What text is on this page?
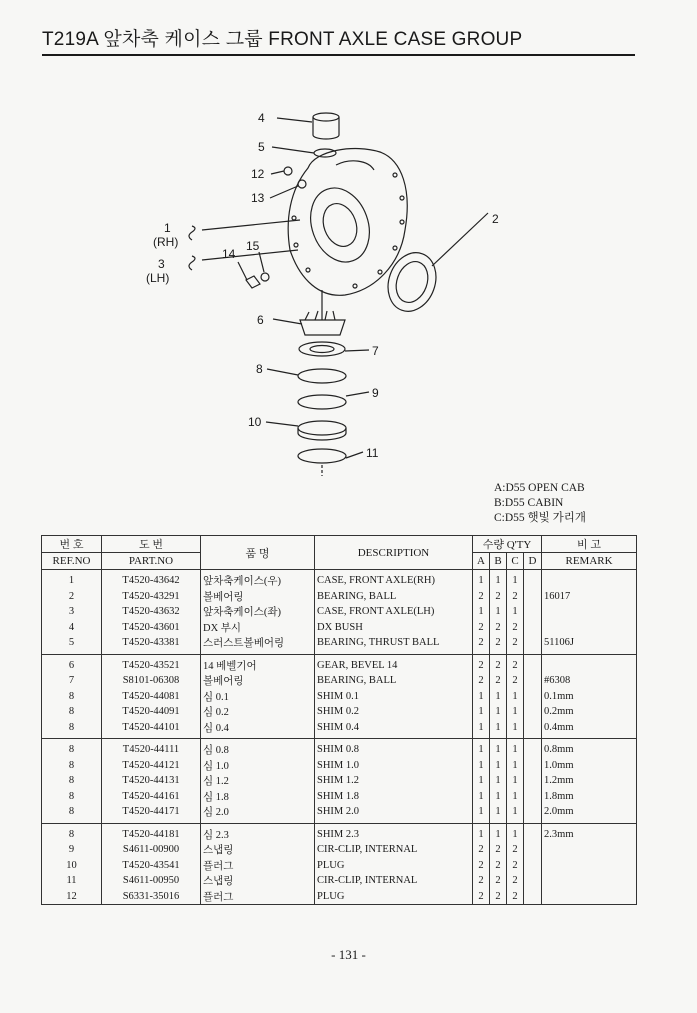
T219A 앞차축 케이스 그룹 FRONT AXLE CASE GROUP
4
5
12
13
1
(RH)
3
(LH)
14
15
2
6
7
8
9
10
11
A:D55 OPEN CAB
B:D55 CABIN
C:D55 햇빛 가리개
번 호	도 번	품 명	DESCRIPTION	수량 Q'TY				비 고
REF.NO	PART.NO			A	B	C	D	REMARK
1	T4520-43642	앞차축케이스(우)	CASE, FRONT AXLE(RH)	1	1	1		
2	T4520-43291	볼베어링	BEARING, BALL	2	2	2		16017
3	T4520-43632	앞차축케이스(좌)	CASE, FRONT AXLE(LH)	1	1	1		
4	T4520-43601	DX 부시	DX BUSH	2	2	2		
5	T4520-43381	스러스트볼베어링	BEARING, THRUST BALL	2	2	2		51106J
6	T4520-43521	14 베벨기어	GEAR, BEVEL 14	2	2	2		
7	S8101-06308	볼베어링	BEARING, BALL	2	2	2		#6308
8	T4520-44081	심 0.1	SHIM 0.1	1	1	1		0.1mm
8	T4520-44091	심 0.2	SHIM 0.2	1	1	1		0.2mm
8	T4520-44101	심 0.4	SHIM 0.4	1	1	1		0.4mm
8	T4520-44111	심 0.8	SHIM 0.8	1	1	1		0.8mm
8	T4520-44121	심 1.0	SHIM 1.0	1	1	1		1.0mm
8	T4520-44131	심 1.2	SHIM 1.2	1	1	1		1.2mm
8	T4520-44161	심 1.8	SHIM 1.8	1	1	1		1.8mm
8	T4520-44171	심 2.0	SHIM 2.0	1	1	1		2.0mm
8	T4520-44181	심 2.3	SHIM 2.3	1	1	1		2.3mm
9	S4611-00900	스냅링	CIR-CLIP, INTERNAL	2	2	2		
10	T4520-43541	플러그	PLUG	2	2	2		
11	S4611-00950	스냅링	CIR-CLIP, INTERNAL	2	2	2		
12	S6331-35016	플러그	PLUG	2	2	2		
- 131 -
